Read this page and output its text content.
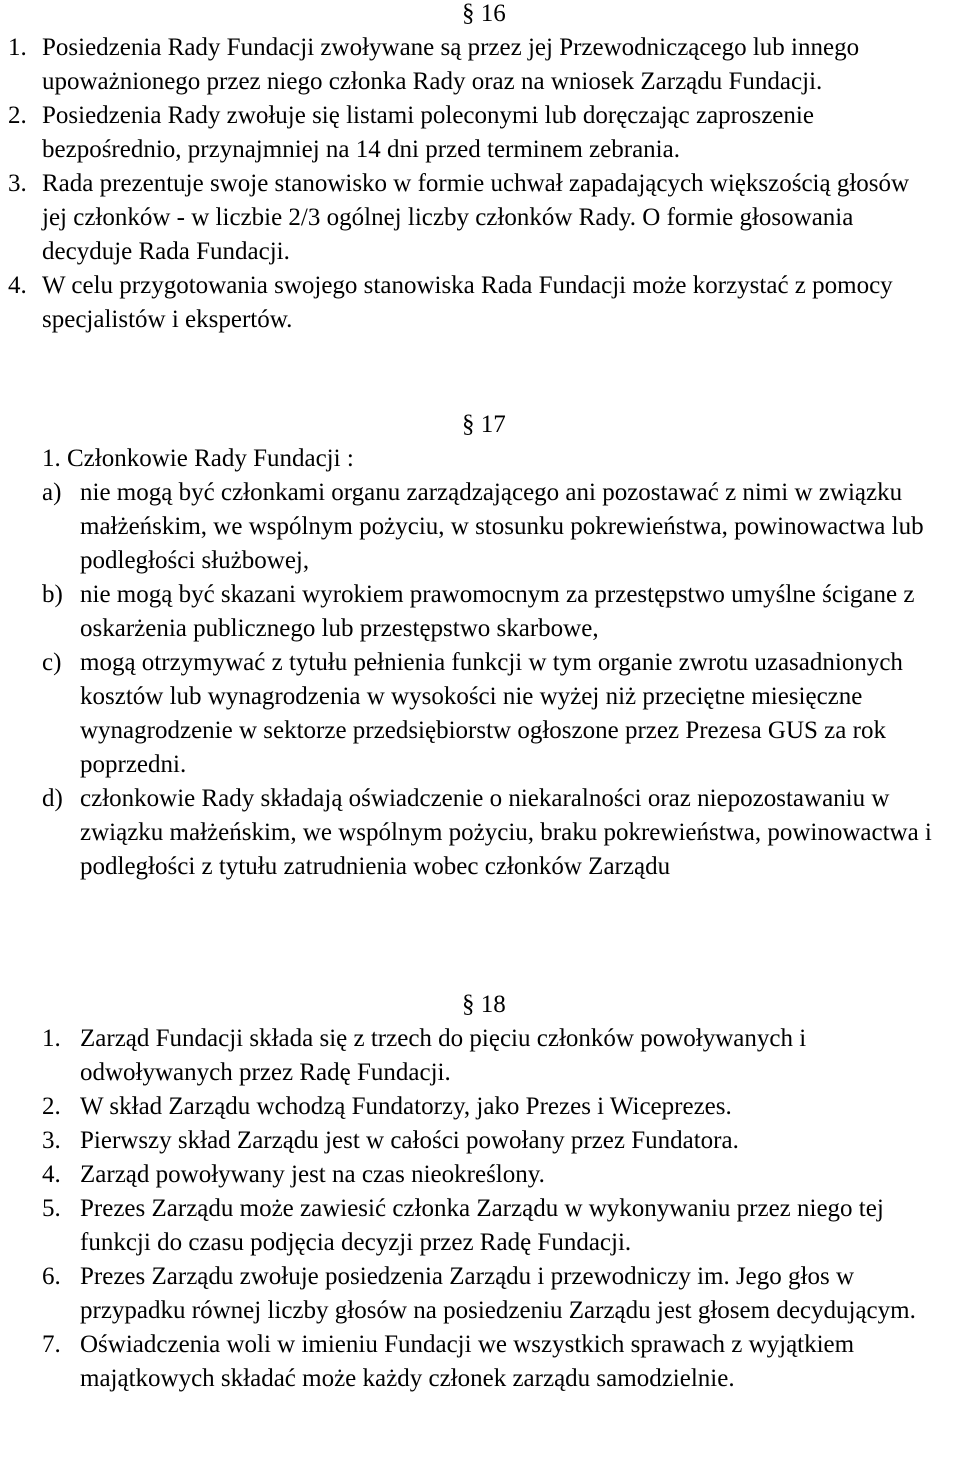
§ 16
1. Posiedzenia Rady Fundacji zwoływane są przez jej Przewodniczącego lub innego upoważnionego przez niego członka Rady oraz na wniosek Zarządu Fundacji.
2. Posiedzenia Rady zwołuje się listami poleconymi lub doręczając zaproszenie bezpośrednio, przynajmniej na 14 dni przed terminem zebrania.
3. Rada prezentuje swoje stanowisko w formie uchwał zapadających większością głosów jej członków - w liczbie 2/3 ogólnej liczby członków Rady. O formie głosowania decyduje Rada Fundacji.
4. W celu przygotowania swojego stanowiska Rada Fundacji może korzystać z pomocy specjalistów i ekspertów.
§ 17
1. Członkowie Rady Fundacji :
a) nie mogą być członkami organu zarządzającego ani pozostawać z nimi w związku małżeńskim, we wspólnym pożyciu, w stosunku pokrewieństwa, powinowactwa lub podległości służbowej,
b) nie mogą być skazani wyrokiem prawomocnym za przestępstwo umyślne ścigane z oskarżenia publicznego lub przestępstwo skarbowe,
c) mogą otrzymywać z tytułu pełnienia funkcji w tym organie zwrotu uzasadnionych kosztów lub wynagrodzenia w wysokości nie wyżej niż przeciętne miesięczne wynagrodzenie w sektorze przedsiębiorstw ogłoszone przez Prezesa GUS za rok poprzedni.
d) członkowie Rady składają oświadczenie o niekaralności oraz niepozostawaniu w związku małżeńskim, we wspólnym pożyciu, braku pokrewieństwa, powinowactwa i podległości z tytułu zatrudnienia wobec członków Zarządu
§ 18
1. Zarząd Fundacji składa się z trzech do pięciu członków powoływanych i odwoływanych przez Radę Fundacji.
2. W skład Zarządu wchodzą Fundatorzy, jako Prezes i Wiceprezes.
3. Pierwszy skład Zarządu jest w całości powołany przez Fundatora.
4. Zarząd powoływany jest na czas nieokreślony.
5. Prezes Zarządu może zawiesić członka Zarządu w wykonywaniu przez niego tej funkcji do czasu podjęcia decyzji przez Radę Fundacji.
6. Prezes Zarządu zwołuje posiedzenia Zarządu i przewodniczy im. Jego głos w przypadku równej liczby głosów na posiedzeniu Zarządu jest głosem decydującym.
7. Oświadczenia woli w imieniu Fundacji we wszystkich sprawach z wyjątkiem majątkowych składać może każdy członek zarządu samodzielnie.
